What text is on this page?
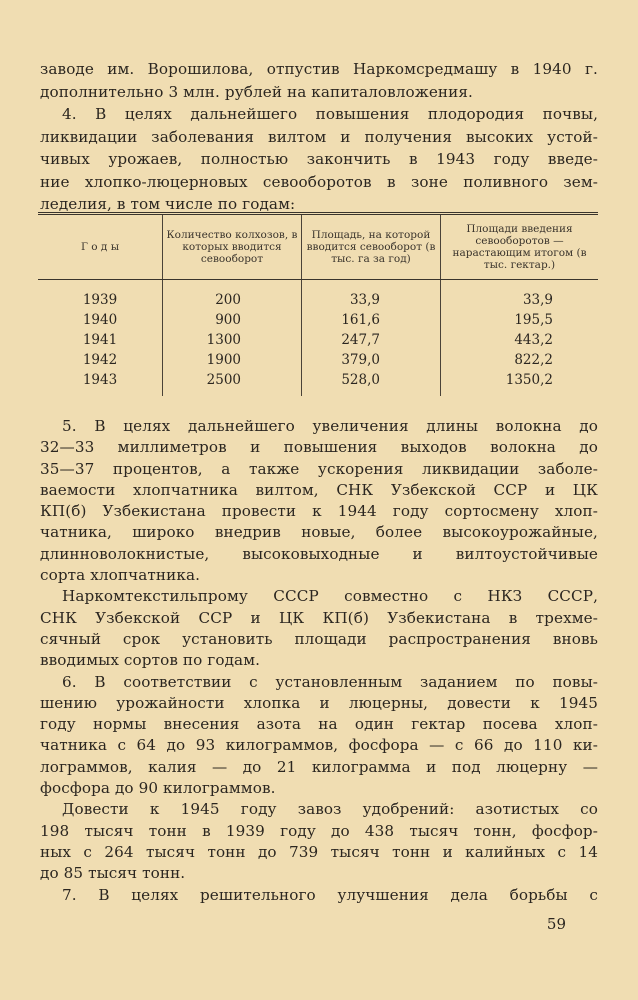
заводе им. Ворошилова, отпустив Наркомсредмашу в 1940 г.
дополнительно 3 млн. рублей на капиталовложения.
4. В целях дальнейшего повышения плодородия почвы,
ликвидации заболевания вилтом и получения высоких устой-
чивых урожаев, полностью закончить в 1943 году введе-
ние хлопко-люцерновых севооборотов в зоне поливного зем-
леделия, в том числе по годам:
Г о д ы	Количество колхозов, в которых вводится севооборот	Площадь, на которой вводится севооборот (в тыс. га за год)	Площади введения севооборотов — нарастающим итогом (в тыс. гектар.)
1939	200	33,9	33,9
1940	900	161,6	195,5
1941	1300	247,7	443,2
1942	1900	379,0	822,2
1943	2500	528,0	1350,2
5. В целях дальнейшего увеличения длины волокна до
32—33 миллиметров и повышения выходов волокна до
35—37 процентов, а также ускорения ликвидации заболе-
ваемости хлопчатника вилтом, СНК Узбекской ССР и ЦК
КП(б) Узбекистана провести к 1944 году сортосмену хлоп-
чатника, широко внедрив новые, более высокоурожайные,
длинноволокнистые, высоковыходные и вилтоустойчивые
сорта хлопчатника.
Наркомтекстильпрому СССР совместно с НКЗ СССР,
СНК Узбекской ССР и ЦК КП(б) Узбекистана в трехме-
сячный срок установить площади распространения вновь
вводимых сортов по годам.
6. В соответствии с установленным заданием по повы-
шению урожайности хлопка и люцерны, довести к 1945
году нормы внесения азота на один гектар посева хлоп-
чатника с 64 до 93 килограммов, фосфора — с 66 до 110 ки-
лограммов, калия — до 21 килограмма и под люцерну —
фосфора до 90 килограммов.
Довести к 1945 году завоз удобрений: азотистых со
198 тысяч тонн в 1939 году до 438 тысяч тонн, фосфор-
ных с 264 тысяч тонн до 739 тысяч тонн и калийных с 14
до 85 тысяч тонн.
7. В целях решительного улучшения дела борьбы с
59
